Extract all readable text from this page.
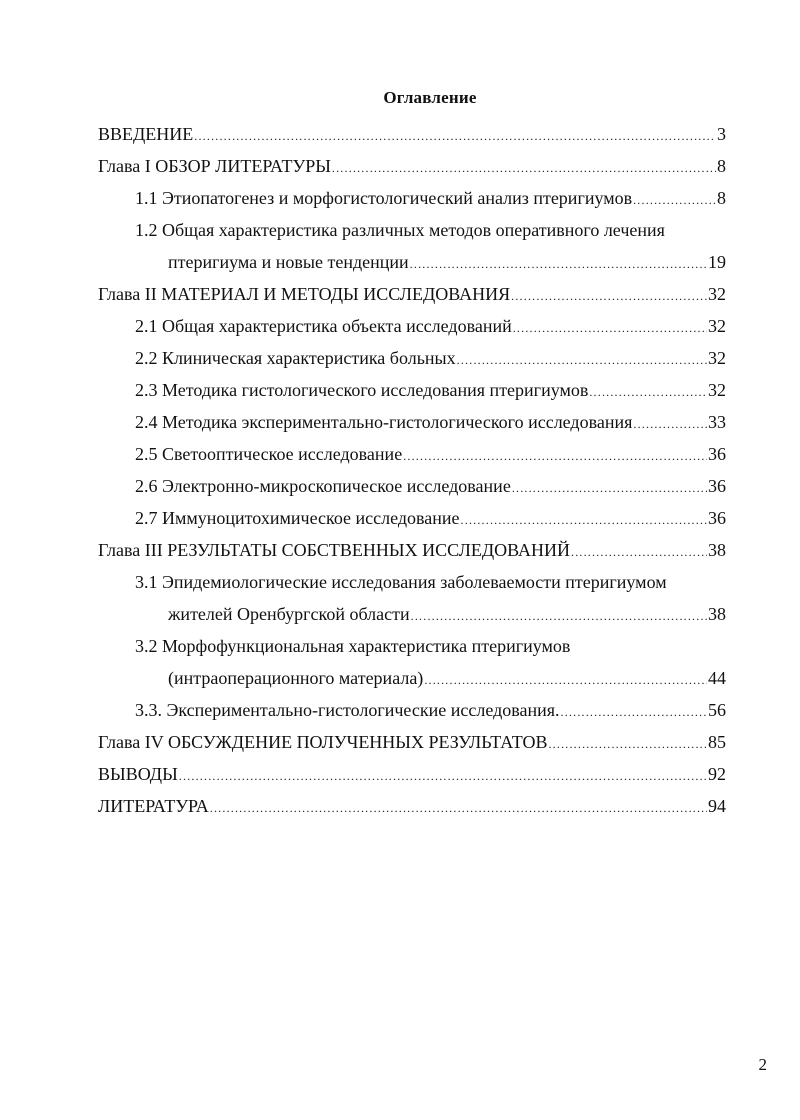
Оглавление
ВВЕДЕНИЕ .....	3
Глава I ОБЗОР ЛИТЕРАТУРЫ .....	8
1.1 Этиопатогенез и морфогистологический анализ птеригиумов .....	8
1.2 Общая характеристика различных методов оперативного лечения
птеригиума и новые тенденции .....	19
Глава II МАТЕРИАЛ И МЕТОДЫ ИССЛЕДОВАНИЯ .....	32
2.1 Общая характеристика объекта исследований .....	32
2.2 Клиническая характеристика больных .....	32
2.3 Методика гистологического исследования птеригиумов .....	32
2.4 Методика экспериментально-гистологического исследования .....	33
2.5 Светооптическое исследование .....	36
2.6 Электронно-микроскопическое исследование .....	36
2.7 Иммуноцитохимическое исследование .....	36
Глава III РЕЗУЛЬТАТЫ СОБСТВЕННЫХ ИССЛЕДОВАНИЙ .....	38
3.1 Эпидемиологические исследования заболеваемости птеригиумом
жителей Оренбургской области .....	38
3.2 Морфофункциональная характеристика птеригиумов
(интраоперационного материала) .....	44
3.3. Экспериментально-гистологические исследования. .....	56
Глава IV ОБСУЖДЕНИЕ ПОЛУЧЕННЫХ РЕЗУЛЬТАТОВ .....	85
ВЫВОДЫ .....	92
ЛИТЕРАТУРА .....	94
2
